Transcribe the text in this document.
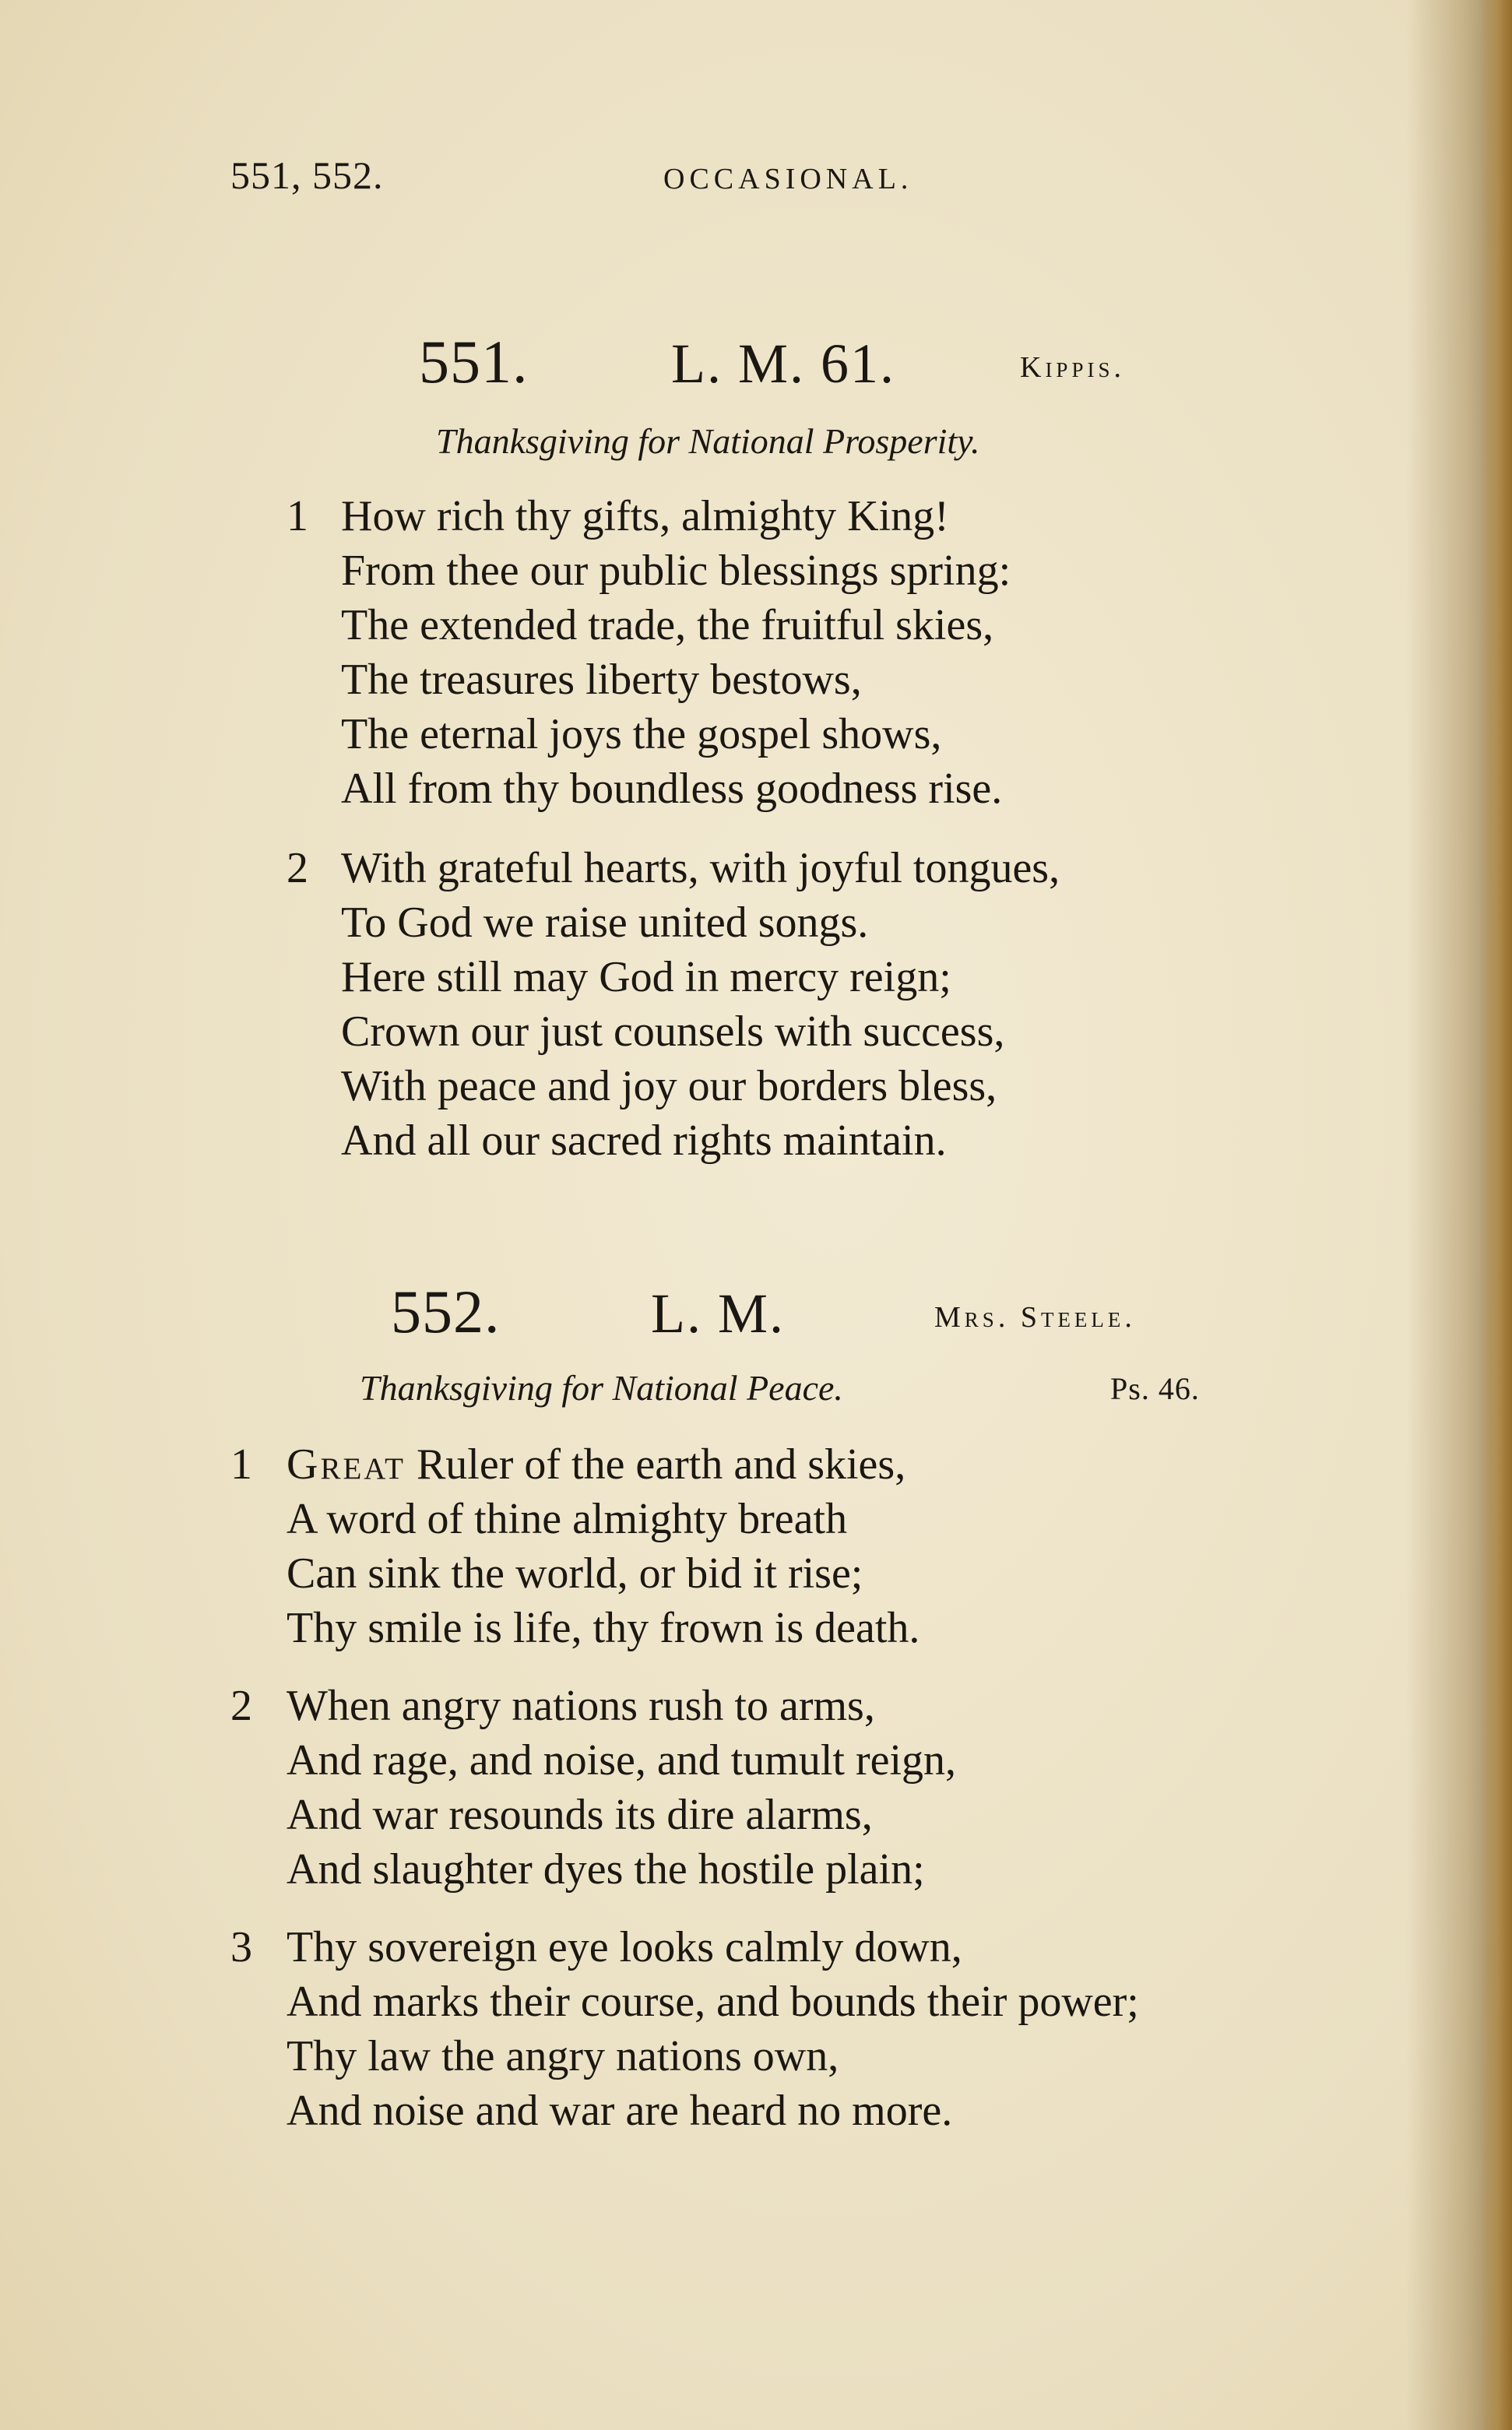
551, 552.	OCCASIONAL.
551.	L. M. 61.	Kippis.
Thanksgiving for National Prosperity.
1 How rich thy gifts, almighty King!
From thee our public blessings spring:
The extended trade, the fruitful skies,
The treasures liberty bestows,
The eternal joys the gospel shows,
All from thy boundless goodness rise.
2 With grateful hearts, with joyful tongues,
To God we raise united songs.
Here still may God in mercy reign;
Crown our just counsels with success,
With peace and joy our borders bless,
And all our sacred rights maintain.
552.	L. M.	Mrs. Steele.
Thanksgiving for National Peace.	Ps. 46.
1 Great Ruler of the earth and skies,
A word of thine almighty breath
Can sink the world, or bid it rise;
Thy smile is life, thy frown is death.
2 When angry nations rush to arms,
And rage, and noise, and tumult reign,
And war resounds its dire alarms,
And slaughter dyes the hostile plain;
3 Thy sovereign eye looks calmly down,
And marks their course, and bounds their power;
Thy law the angry nations own,
And noise and war are heard no more.
